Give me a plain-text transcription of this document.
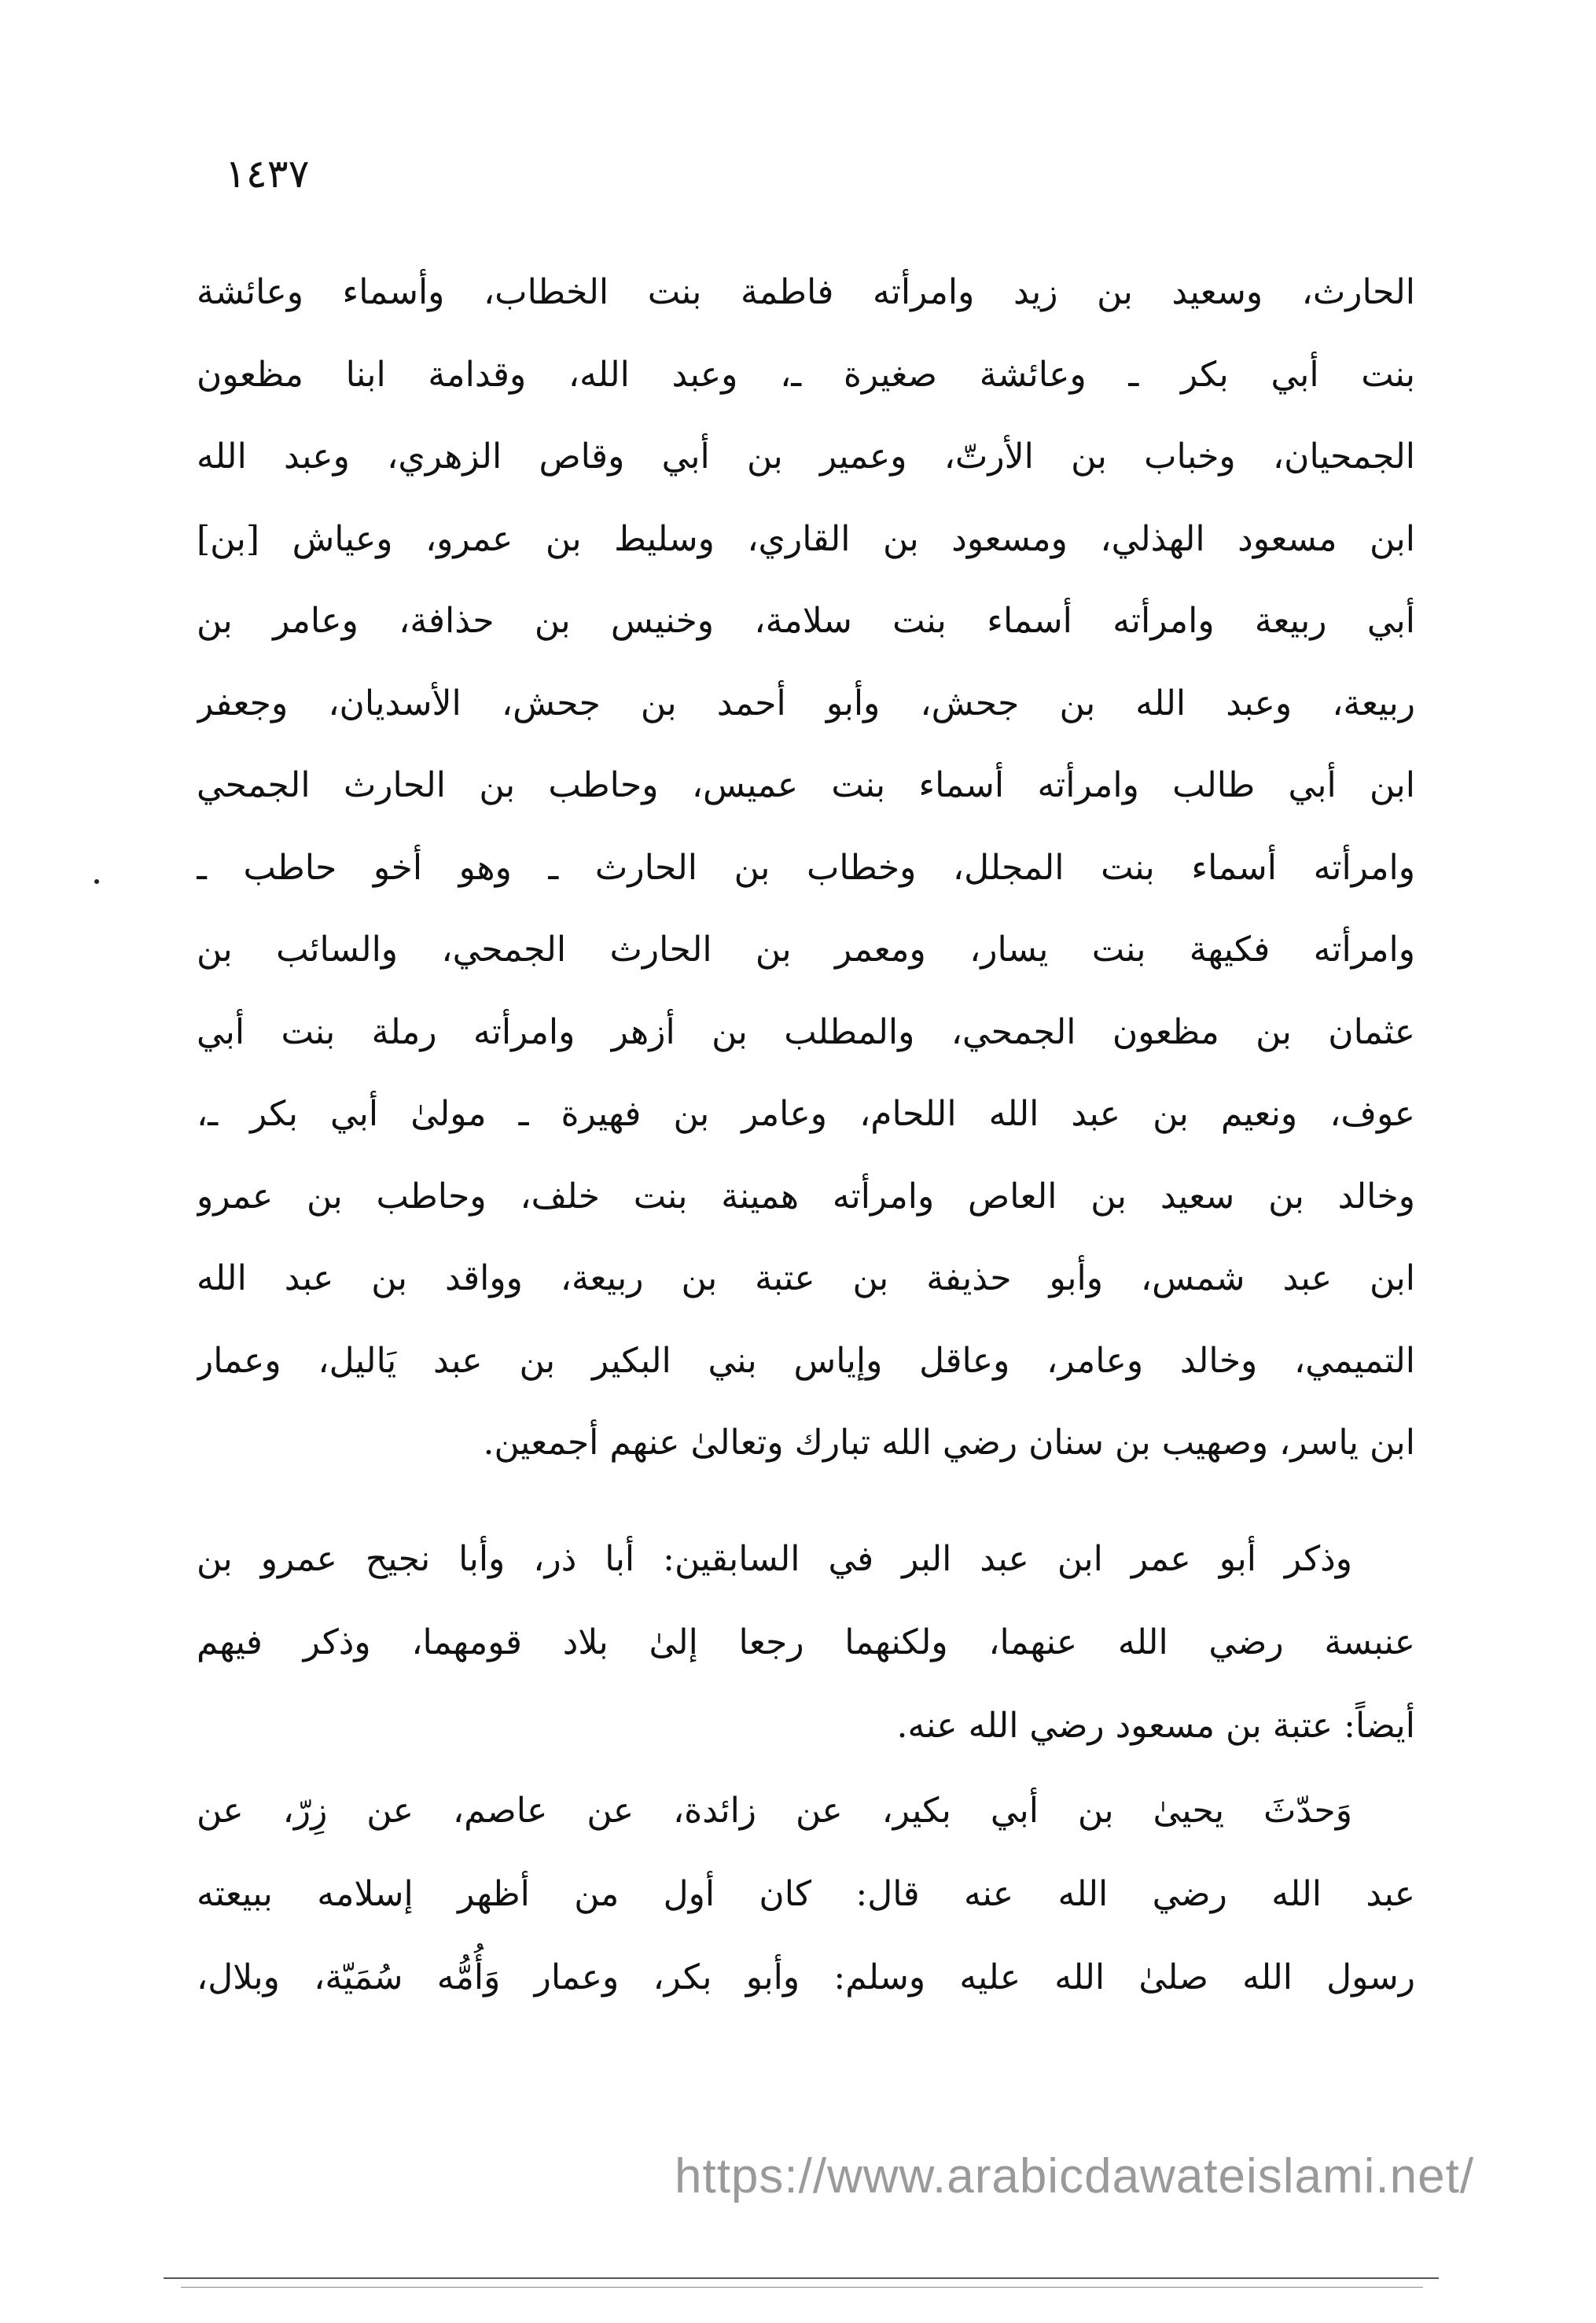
١٤٣٧
الحارث، وسعيد بن زيد وامرأته فاطمة بنت الخطاب، وأسماء وعائشة
بنت أبي بكر ـ وعائشة صغيرة ـ، وعبد الله، وقدامة ابنا مظعون
الجمحيان، وخباب بن الأرتّ، وعمير بن أبي وقاص الزهري، وعبد الله
ابن مسعود الهذلي، ومسعود بن القاري، وسليط بن عمرو، وعياش [بن]
أبي ربيعة وامرأته أسماء بنت سلامة، وخنيس بن حذافة، وعامر بن
ربيعة، وعبد الله بن جحش، وأبو أحمد بن جحش، الأسديان، وجعفر
ابن أبي طالب وامرأته أسماء بنت عميس، وحاطب بن الحارث الجمحي
وامرأته أسماء بنت المجلل، وخطاب بن الحارث ـ وهو أخو حاطب ـ
وامرأته فكيهة بنت يسار، ومعمر بن الحارث الجمحي، والسائب بن
عثمان بن مظعون الجمحي، والمطلب بن أزهر وامرأته رملة بنت أبي
عوف، ونعيم بن عبد الله اللحام، وعامر بن فهيرة ـ مولىٰ أبي بكر ـ،
وخالد بن سعيد بن العاص وامرأته همينة بنت خلف، وحاطب بن عمرو
ابن عبد شمس، وأبو حذيفة بن عتبة بن ربيعة، وواقد بن عبد الله
التميمي، وخالد وعامر، وعاقل وإياس بني البكير بن عبد يَاليل، وعمار
ابن ياسر، وصهيب بن سنان رضي الله تبارك وتعالىٰ عنهم أجمعين.
وذكر أبو عمر ابن عبد البر في السابقين: أبا ذر، وأبا نجيح عمرو بن
عنبسة رضي الله عنهما، ولكنهما رجعا إلىٰ بلاد قومهما، وذكر فيهم
أيضاً: عتبة بن مسعود رضي الله عنه.
وَحدّثَ يحيىٰ بن أبي بكير، عن زائدة، عن عاصم، عن زِرّ، عن
عبد الله رضي الله عنه قال: كان أول من أظهر إسلامه ببيعته
رسول الله صلىٰ الله عليه وسلم: وأبو بكر، وعمار وَأُمُّه سُمَيّة، وبلال،
https://www.arabicdawateislami.net/
